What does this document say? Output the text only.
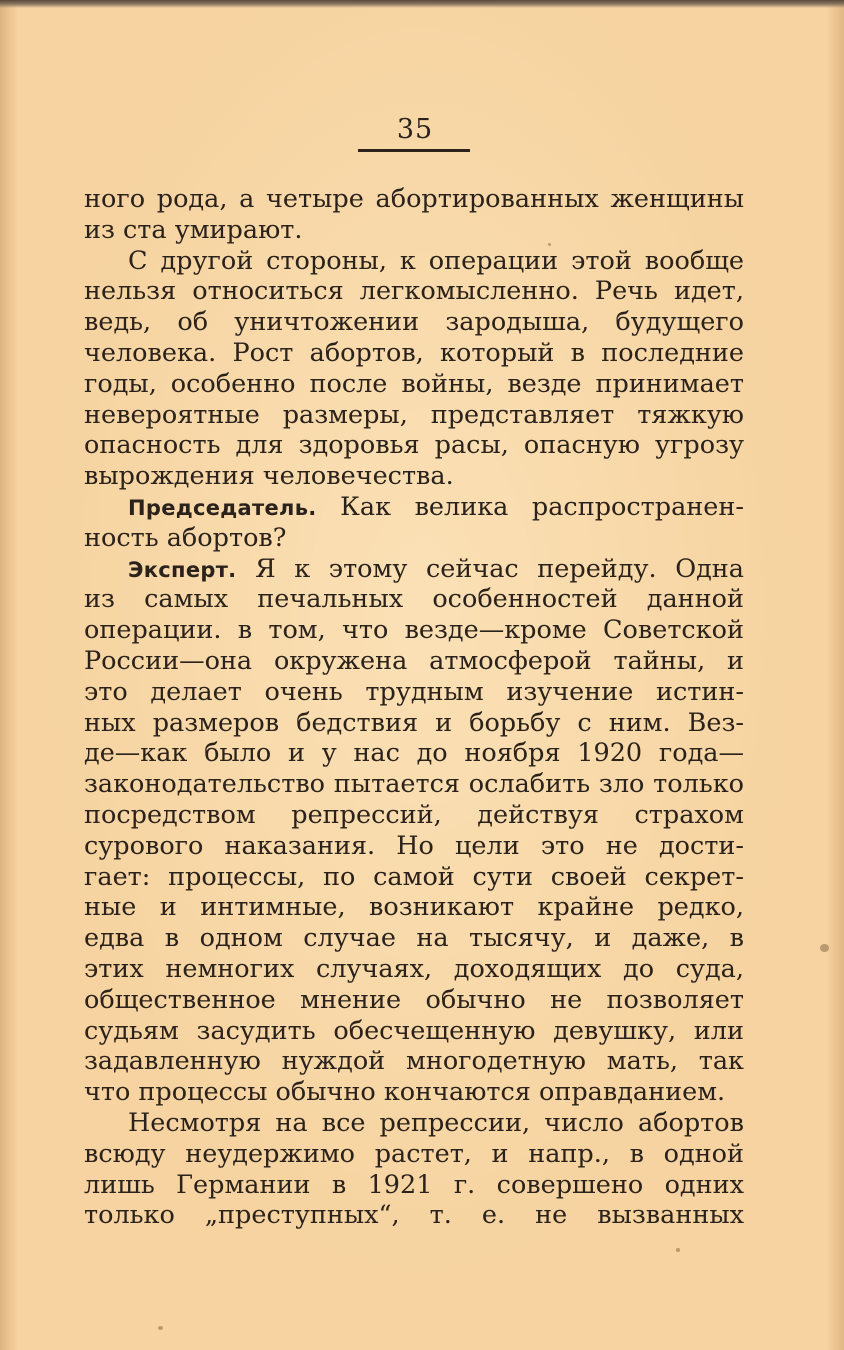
35
ного рода, а четыре абортированных женщины
из ста умирают.
С другой стороны, к операции этой вообще
нельзя относиться легкомысленно. Речь идет,
ведь, об уничтожении зародыша, будущего
человека. Рост абортов, который в последние
годы, особенно после войны, везде принимает
невероятные размеры, представляет тяжкую
опасность для здоровья расы, опасную угрозу
вырождения человечества.
Председатель. Как велика распространен-
ность абортов?
Эксперт. Я к этому сейчас перейду. Одна
из самых печальных особенностей данной
операции. в том, что везде—кроме Советской
России—она окружена атмосферой тайны, и
это делает очень трудным изучение истин-
ных размеров бедствия и борьбу с ним. Вез-
де—как было и у нас до ноября 1920 года—
законодательство пытается ослабить зло только
посредством репрессий, действуя страхом
сурового наказания. Но цели это не дости-
гает: процессы, по самой сути своей секрет-
ные и интимные, возникают крайне редко,
едва в одном случае на тысячу, и даже, в
этих немногих случаях, доходящих до суда,
общественное мнение обычно не позволяет
судьям засудить обесчещенную девушку, или
задавленную нуждой многодетную мать, так
что процессы обычно кончаются оправданием.
Несмотря на все репрессии, число абортов
всюду неудержимо растет, и напр., в одной
лишь Германии в 1921 г. совершено одних
только „преступных“, т. е. не вызванных
